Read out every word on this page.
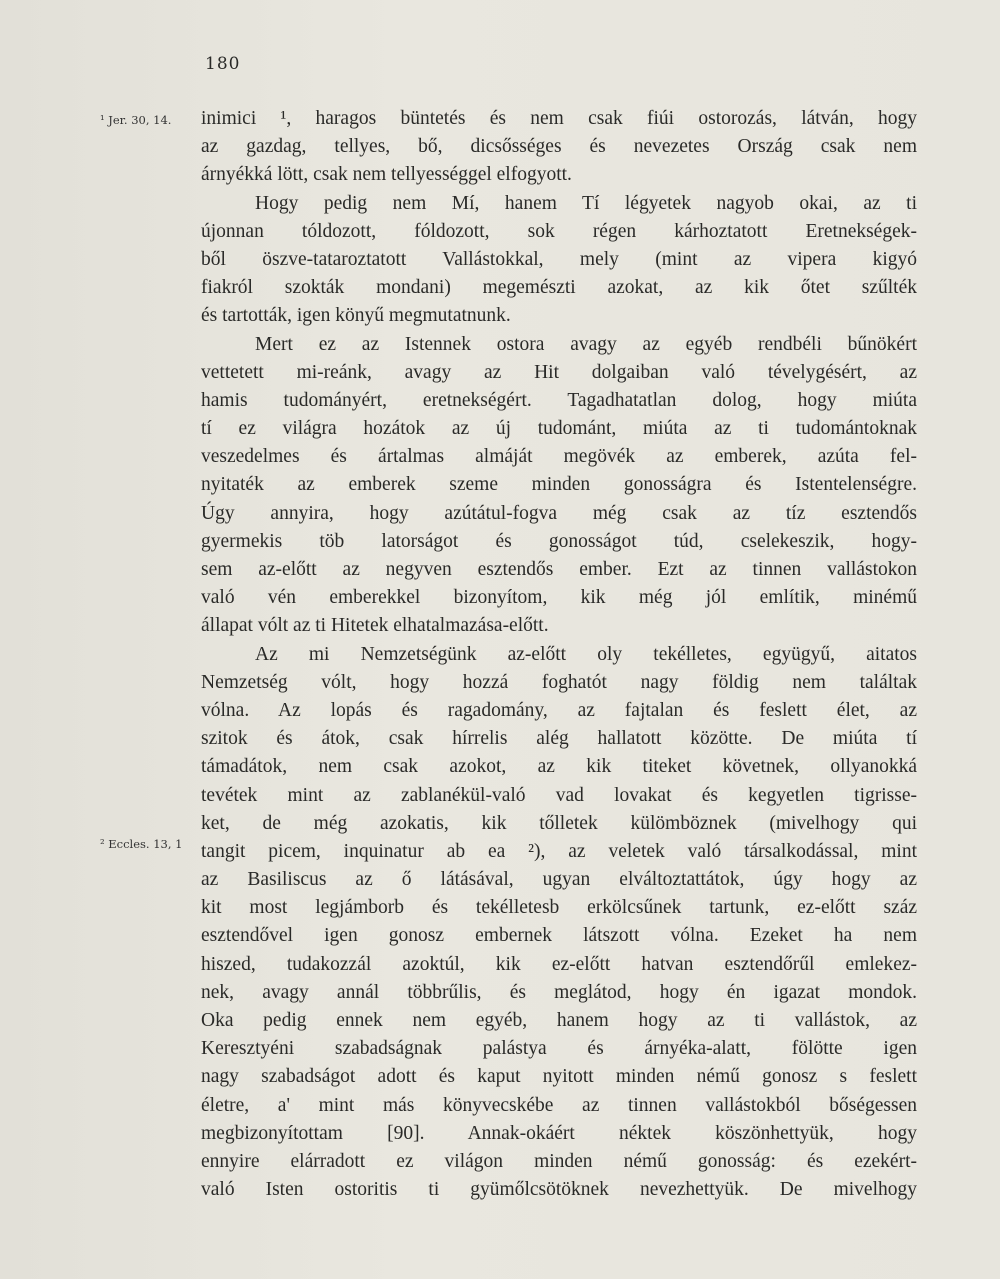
180
¹ Jer. 30, 14.
² Eccles. 13, 1
inimici ¹, haragos büntetés és nem csak fiúi ostorozás, látván, hogy
az gazdag, tellyes, bő, dicsősséges és nevezetes Ország csak nem
árnyékká lött, csak nem tellyességgel elfogyott.
Hogy pedig nem Mí, hanem Tí légyetek nagyob okai, az ti
újonnan tóldozott, fóldozott, sok régen kárhoztatott Eretnekségek-
ből öszve-tataroztatott Vallástokkal, mely (mint az vipera kigyó
fiakról szokták mondani) megemészti azokat, az kik őtet szűlték
és tartották, igen könyű megmutatnunk.
Mert ez az Istennek ostora avagy az egyéb rendbéli bűnökért
vettetett mi-reánk, avagy az Hit dolgaiban való tévelygésért, az
hamis tudományért, eretnekségért. Tagadhatatlan dolog, hogy miúta
tí ez világra hozátok az új tudománt, miúta az ti tudomántoknak
veszedelmes és ártalmas almáját megövék az emberek, azúta fel-
nyitaték az emberek szeme minden gonosságra és Istentelenségre.
Úgy annyira, hogy azútátul-fogva még csak az tíz esztendős
gyermekis töb latorságot és gonosságot túd, cselekeszik, hogy-
sem az-előtt az negyven esztendős ember. Ezt az tinnen vallástokon
való vén emberekkel bizonyítom, kik még jól említik, minémű
állapat vólt az ti Hitetek elhatalmazása-előtt.
Az mi Nemzetségünk az-előtt oly tekélletes, együgyű, aitatos
Nemzetség vólt, hogy hozzá foghatót nagy földig nem találtak
vólna. Az lopás és ragadomány, az fajtalan és feslett élet, az
szitok és átok, csak hírrelis alég hallatott közötte. De miúta tí
támadátok, nem csak azokot, az kik titeket követnek, ollyanokká
tevétek mint az zablanékül-való vad lovakat és kegyetlen tigrisse-
ket, de még azokatis, kik tőlletek külömböznek (mivelhogy qui
tangit picem, inquinatur ab ea ²), az veletek való társalkodással, mint
az Basiliscus az ő látásával, ugyan elváltoztattátok, úgy hogy az
kit most legjámborb és tekélletesb erkölcsűnek tartunk, ez-előtt száz
esztendővel igen gonosz embernek látszott vólna. Ezeket ha nem
hiszed, tudakozzál azoktúl, kik ez-előtt hatvan esztendőrűl emlekez-
nek, avagy annál többrűlis, és meglátod, hogy én igazat mondok.
Oka pedig ennek nem egyéb, hanem hogy az ti vallástok, az
Keresztyéni szabadságnak palástya és árnyéka-alatt, fölötte igen
nagy szabadságot adott és kaput nyitott minden némű gonosz s feslett
életre, a' mint más könyvecskébe az tinnen vallástokból bőségessen
megbizonyítottam [90]. Annak-okáért néktek köszönhettyük, hogy
ennyire elárradott ez világon minden némű gonosság: és ezekért-
való Isten ostoritis ti gyümőlcsötöknek nevezhettyük. De mivelhogy
